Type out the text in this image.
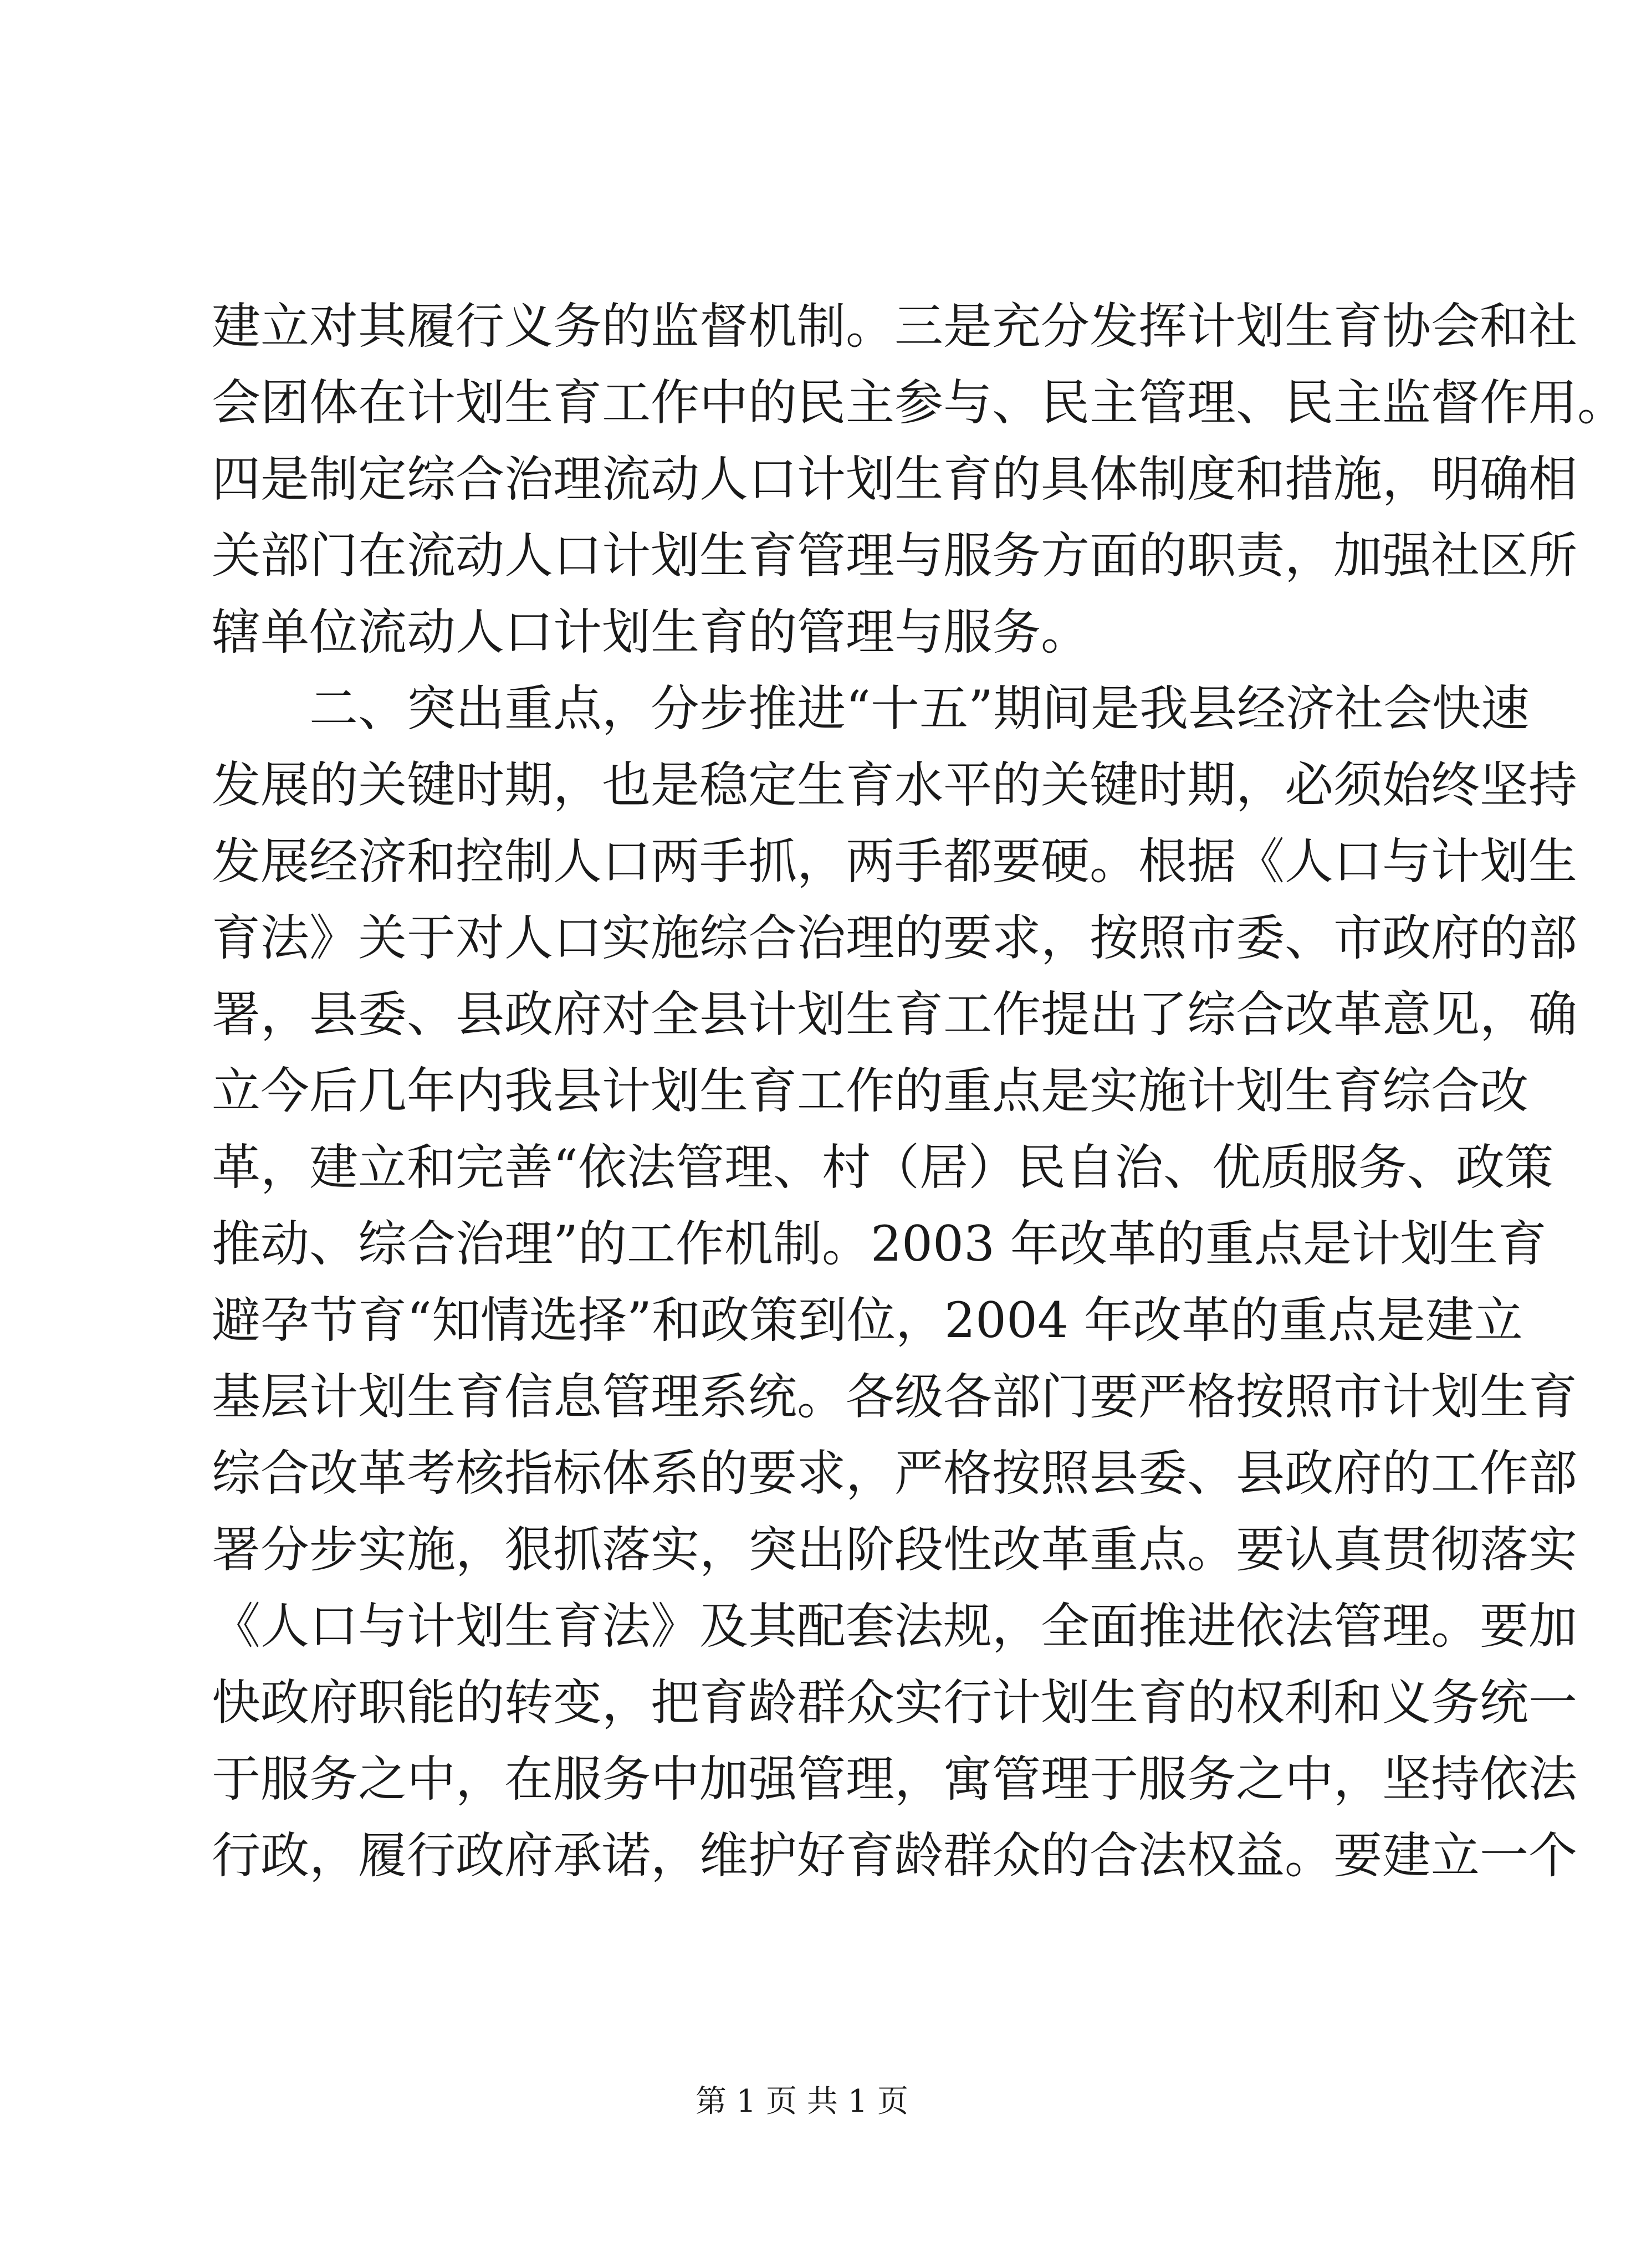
建立对其履行义务的监督机制。三是充分发挥计划生育协会和社
会团体在计划生育工作中的民主参与、民主管理、民主监督作用。
四是制定综合治理流动人口计划生育的具体制度和措施，明确相
关部门在流动人口计划生育管理与服务方面的职责，加强社区所
辖单位流动人口计划生育的管理与服务。
二、突出重点，分步推进“十五”期间是我县经济社会快速
发展的关键时期，也是稳定生育水平的关键时期，必须始终坚持
发展经济和控制人口两手抓，两手都要硬。根据《人口与计划生
育法》关于对人口实施综合治理的要求，按照市委、市政府的部
署，县委、县政府对全县计划生育工作提出了综合改革意见，确
立今后几年内我县计划生育工作的重点是实施计划生育综合改
革，建立和完善“依法管理、村（居）民自治、优质服务、政策
推动、综合治理”的工作机制。2003 年改革的重点是计划生育
避孕节育“知情选择”和政策到位，2004 年改革的重点是建立
基层计划生育信息管理系统。各级各部门要严格按照市计划生育
综合改革考核指标体系的要求，严格按照县委、县政府的工作部
署分步实施，狠抓落实，突出阶段性改革重点。要认真贯彻落实
《人口与计划生育法》及其配套法规，全面推进依法管理。要加
快政府职能的转变，把育龄群众实行计划生育的权利和义务统一
于服务之中，在服务中加强管理，寓管理于服务之中，坚持依法
行政，履行政府承诺，维护好育龄群众的合法权益。要建立一个
第 1 页 共 1 页
